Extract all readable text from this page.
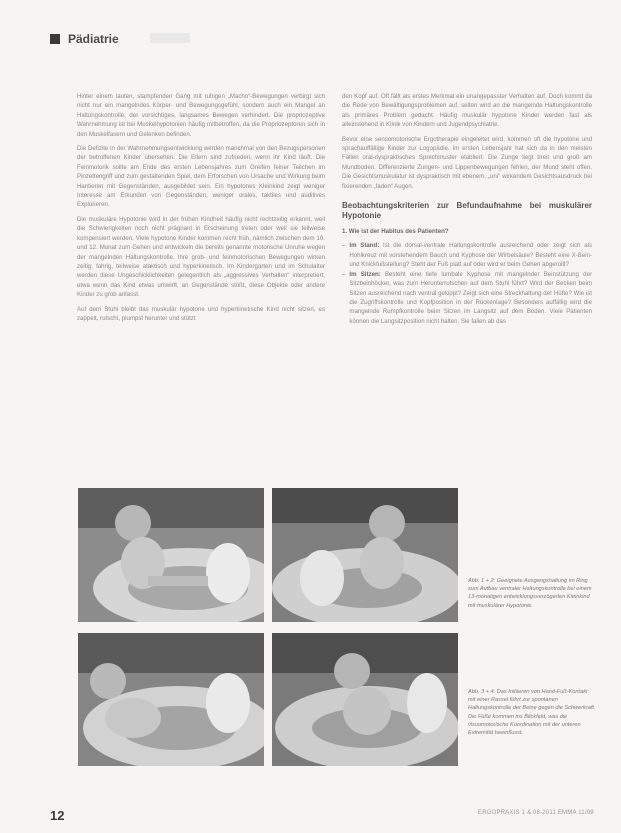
Pädiatrie

Hinter einem lauten, stampfenden Gang mit ruhigen „Macho“-Bewegungen verbirgt sich nicht nur ein mangelndes Körper- und Bewegungsgefühl, sondern auch ein Mangel an Haltungskontrolle, der vorsichtiges, langsames Bewegen verhindert. Die propriozeptive Wahrnehmung ist bei Muskelhypotonien häufig mitbetroffen, da die Propriozeptoren sich in den Muskelfasern und Gelenken befinden.

Die Defizite in der Wahrnehmungsentwicklung werden manchmal von den Bezugspersonen der betroffenen Kinder übersehen. Die Eltern sind zufrieden, wenn ihr Kind läuft. Die Feinmotorik sollte am Ende des ersten Lebensjahres zum Greifen feiner Teilchen im Pinzettengriff und zum gestaltenden Spiel, dem Erforschen von Ursache und Wirkung beim Hantieren mit Gegenständen, ausgebildet sein. Ein hypotones Kleinkind zeigt weniger Interesse am Erkunden von Gegenständen, weniger orales, taktiles und auditives Explorieren.

Die muskuläre Hypotonie wird in der frühen Kindheit häufig nicht rechtzeitig erkannt, weil die Schwierigkeiten noch nicht prägnant in Erscheinung treten oder weil sie teilweise kompensiert werden. Viele hypotone Kinder kommen recht früh, nämlich zwischen dem 10. und 12. Monat zum Gehen und entwickeln die bereits genannte motorische Unruhe wegen der mangelnden Haltungskontrolle. Ihre grob- und feinmotorischen Bewegungen wirken zeitig, fahrig, teilweise ataktisch und hyperkinetisch. Im Kindergarten und im Schulalter werden diese Ungeschicklichkeiten gelegentlich als „aggressives Verhalten“ interpretiert, etwa wenn das Kind etwas umwirft, an Gegenstände stößt, diese Objekte oder andere Kinder zu grob anfasst.

Auf dem Stuhl bleibt das muskulär hypotone und hyperkinetische Kind nicht sitzen, es zappelt, rutscht, plumpst herunter und stützt

den Kopf auf. Oft fällt als erstes Merkmal ein unangepasster Verhalten auf. Doch kommt da die Rede von Bewältigungsproblemen auf, selten wird an die mangelnde Haltungskontrolle als primäres Problem gedacht. Häufig muskulär hypotone Kinder werden fast als alleinstehend in Klinik von Kindern und Jugendpsychiatrie.

Bevor eine sensomotorische Ergotherapie eingeleitet wird, kommen oft die hypotone und sprachauffällige Kinder zur Logopädie. Im ersten Lebensjahr hat sich da in den meisten Fällen oral-dyspraktisches Sprechmuster etabliert. Die Zunge liegt breit und groß am Mundboden. Differenzierte Zungen- und Lippenbewegungen fehlen, der Mund steht offen. Die Gesichtsmuskulatur ist dyspraktisch mit ebenem, „uni“ wirkendem Gesichtsausdruck bei fixierenden „faden“ Augen.

Beobachtungskriterien zur Befundaufnahme bei muskulärer Hypotonie

1. Wie ist der Habitus des Patienten?

– Im Stand: Ist die dorsal-ventrale Haltungskontrolle ausreichend oder zeigt sich als Hohlkreuz mit vorstehendem Bauch und Kyphose der Wirbelsäule? Besteht eine X-Bein- und Knickfußstellung? Steht der Fuß platt auf oder wird er beim Gehen abgerollt?
– Im Sitzen: Besteht eine tiefe lumbale Kyphose mit mangelnder Beinstützung der Sitzbeinhöcker, was zum Herunterrutschen auf dem Stuhl führt? Wird der Becken beim Sitzen ausreichend nach ventral gekippt? Zeigt sich eine Streckhaltung der Hüfte? Wie ist die Zugriffskontrolle und Kopfposition in der Rückenlage? Besonders auffällig wird die mangelnde Rumpfkontrolle beim Sitzen im Langsitz auf dem Boden. Viele Patienten können die Langsitzposition nicht halten. Sie fallen ab das
Abb. 1 + 2: Geeignete Ausgangshaltung im Ring zum Aufbau ventraler Haltungskontrolle bei einem 13-monatigen entwicklungsverzögerten Kleinkind mit muskulärer Hypotonie.
Abb. 3 + 4: Das Initiieren von Hand-Fuß-Kontakt mit einer Rassel führt zur spontanen Haltungskontrolle der Beine gegen die Schwerkraft. Die Füße kommen ins Blickfeld, was die visuomotorische Koordination mit der unteren Extremität beeinflusst.
12	ERGOPRAXIS 1 & 08-2011 EMMA 11/09
